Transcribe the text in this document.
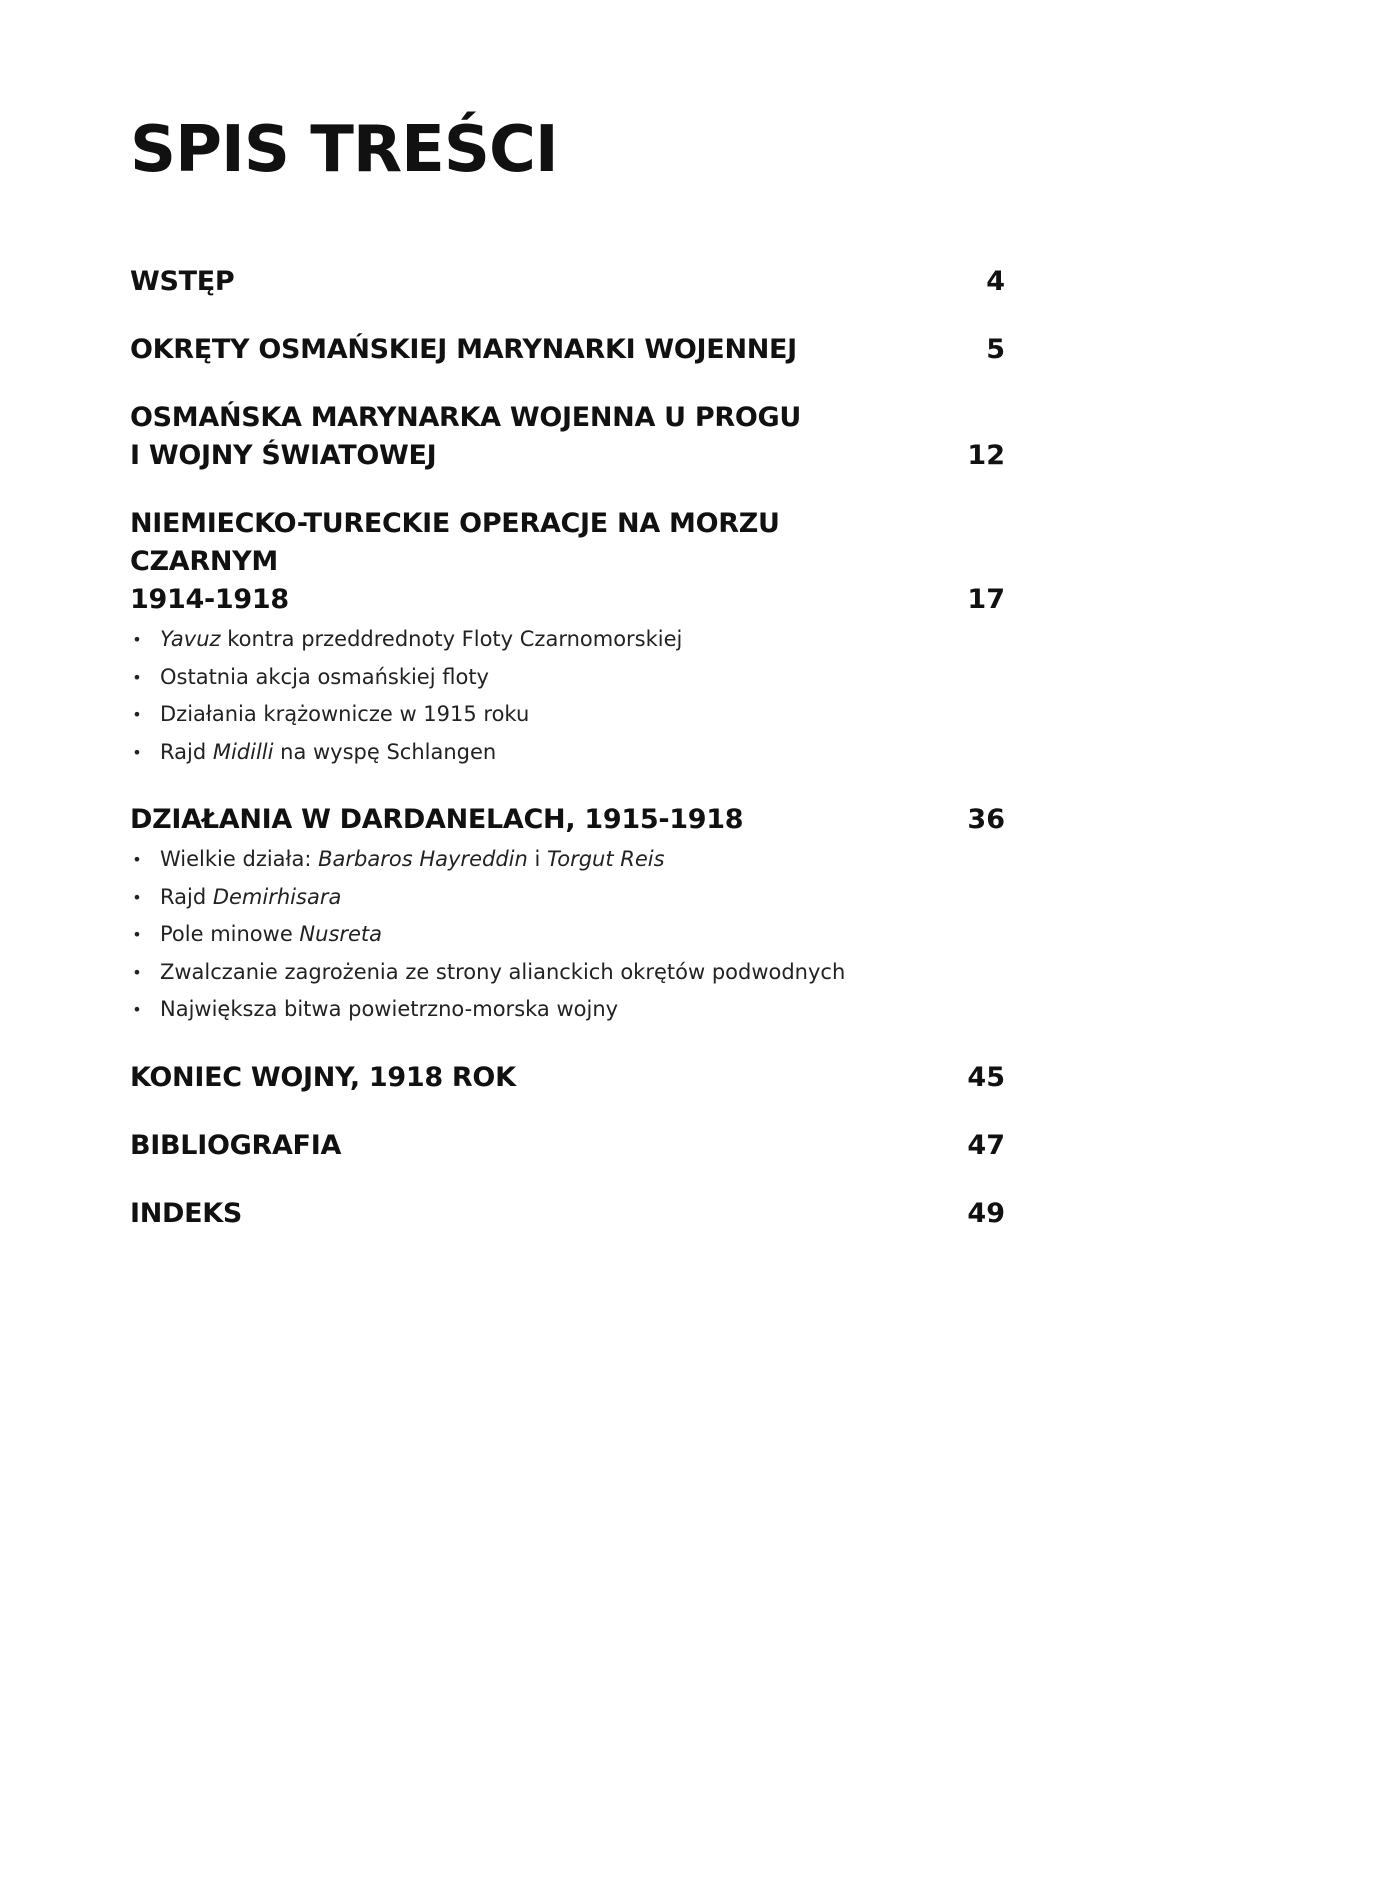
SPIS TREŚCI
WSTĘP	4
OKRĘTY OSMAŃSKIEJ MARYNARKI WOJENNEJ	5
OSMAŃSKA MARYNARKA WOJENNA U PROGU
I WOJNY ŚWIATOWEJ	12
NIEMIECKO-TURECKIE OPERACJE NA MORZU CZARNYM
1914-1918	17
• Yavuz kontra przeddrednoty Floty Czarnomorskiej
• Ostatnia akcja osmańskiej floty
• Działania krążownicze w 1915 roku
• Rajd Midilli na wyspę Schlangen
DZIAŁANIA W DARDANELACH, 1915-1918	36
• Wielkie działa: Barbaros Hayreddin i Torgut Reis
• Rajd Demirhisara
• Pole minowe Nusreta
• Zwalczanie zagrożenia ze strony alianckich okrętów podwodnych
• Największa bitwa powietrzno-morska wojny
KONIEC WOJNY, 1918 ROK	45
BIBLIOGRAFIA	47
INDEKS	49
